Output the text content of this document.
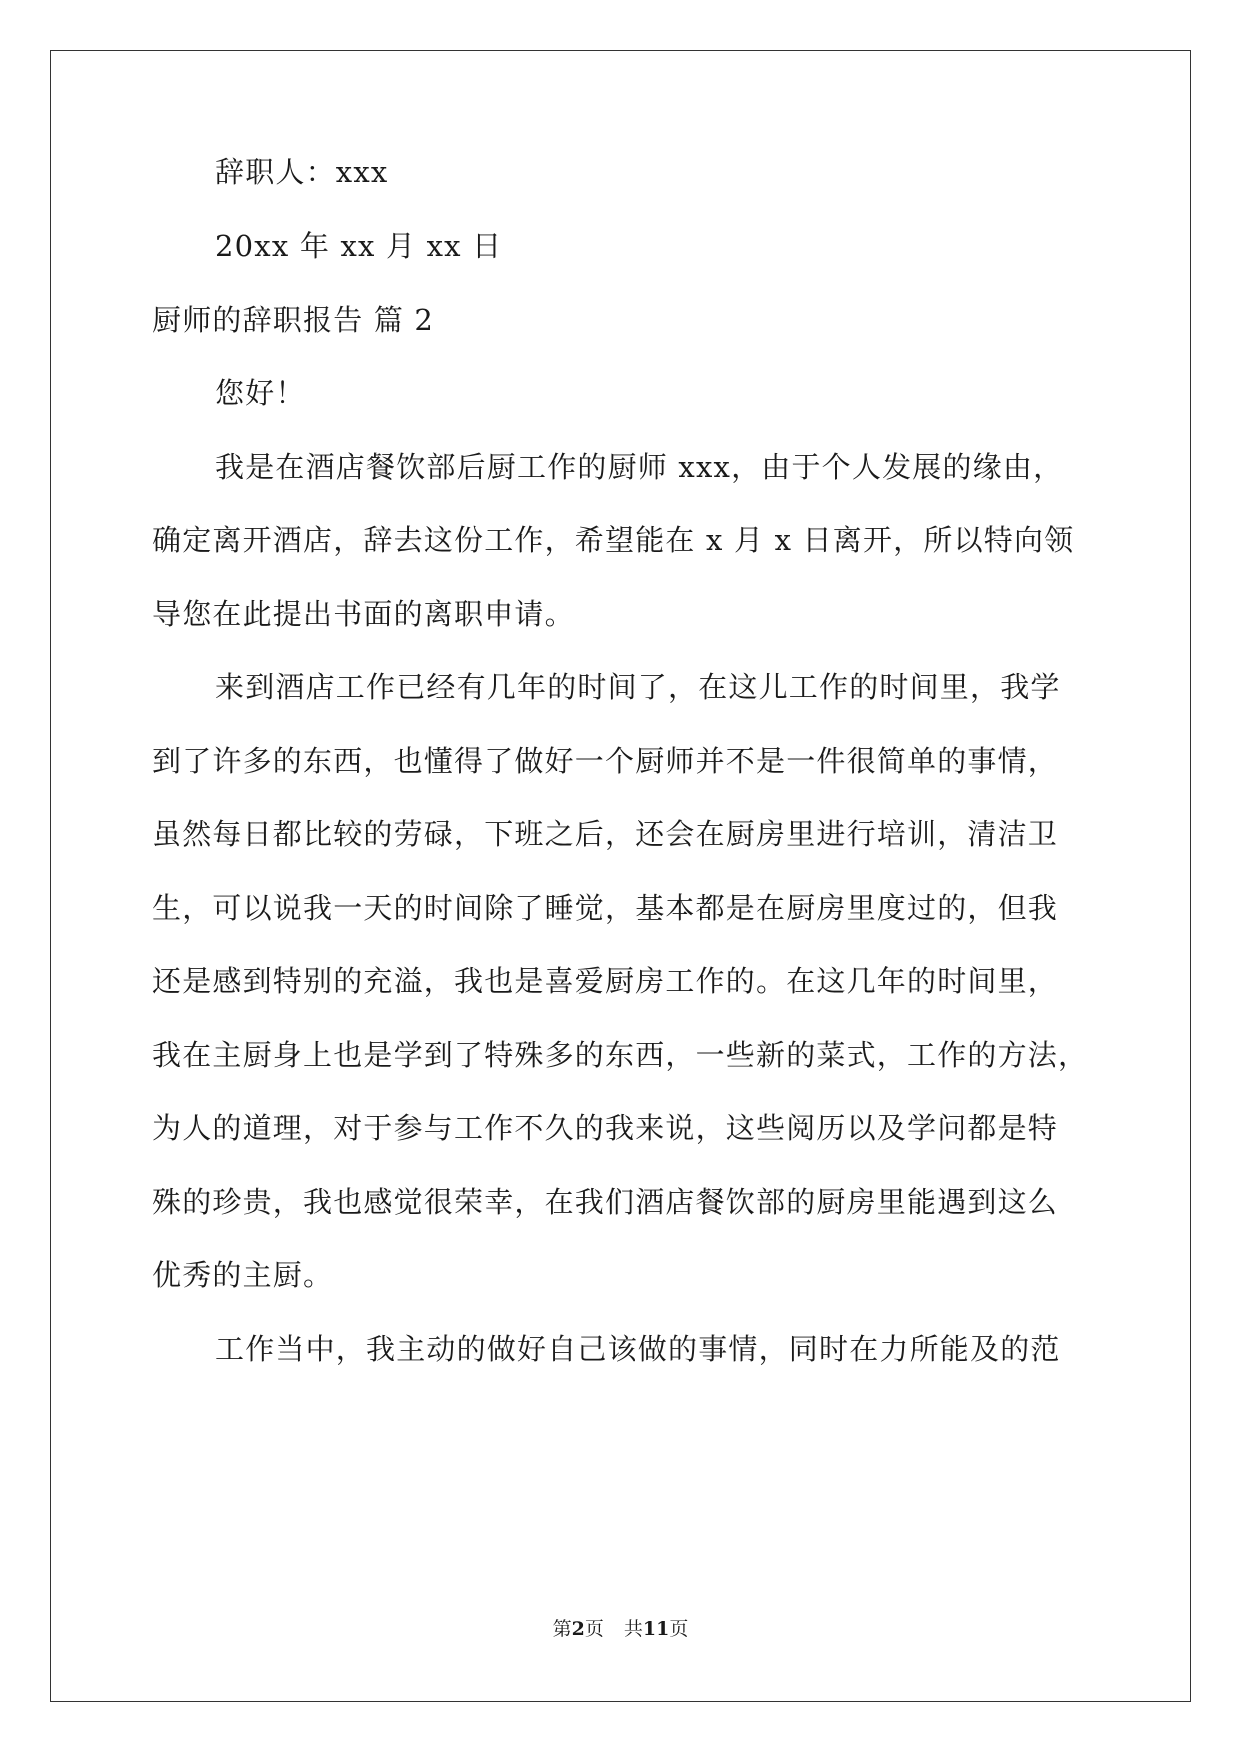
辞职人：xxx
20xx 年 xx 月 xx 日
厨师的辞职报告 篇 2
您好！
我是在酒店餐饮部后厨工作的厨师 xxx，由于个人发展的缘由，
确定离开酒店，辞去这份工作，希望能在 x 月 x 日离开，所以特向领
导您在此提出书面的离职申请。
来到酒店工作已经有几年的时间了，在这儿工作的时间里，我学
到了许多的东西，也懂得了做好一个厨师并不是一件很简单的事情，
虽然每日都比较的劳碌，下班之后，还会在厨房里进行培训，清洁卫
生，可以说我一天的时间除了睡觉，基本都是在厨房里度过的，但我
还是感到特别的充溢，我也是喜爱厨房工作的。在这几年的时间里，
我在主厨身上也是学到了特殊多的东西，一些新的菜式，工作的方法，
为人的道理，对于参与工作不久的我来说，这些阅历以及学问都是特
殊的珍贵，我也感觉很荣幸，在我们酒店餐饮部的厨房里能遇到这么
优秀的主厨。
工作当中，我主动的做好自己该做的事情，同时在力所能及的范
第2页 共11页
